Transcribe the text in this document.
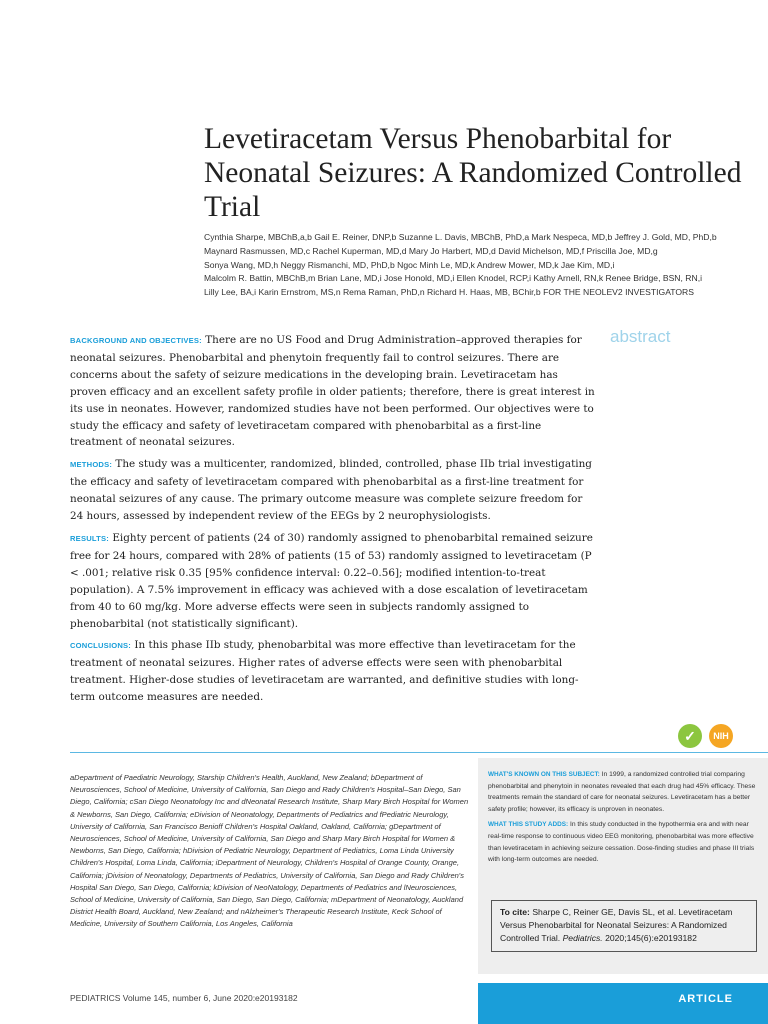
Levetiracetam Versus Phenobarbital for Neonatal Seizures: A Randomized Controlled Trial
Cynthia Sharpe, MBChB,a,b Gail E. Reiner, DNP,b Suzanne L. Davis, MBChB, PhD,a Mark Nespeca, MD,b Jeffrey J. Gold, MD, PhD,b
Maynard Rasmussen, MD,c Rachel Kuperman, MD,d Mary Jo Harbert, MD,d David Michelson, MD,f Priscilla Joe, MD,g
Sonya Wang, MD,h Neggy Rismanchi, MD, PhD,b Ngoc Minh Le, MD,k Andrew Mower, MD,k Jae Kim, MD,i
Malcolm R. Battin, MBChB,m Brian Lane, MD,i Jose Honold, MD,i Ellen Knodel, RCP,i Kathy Arnell, RN,k Renee Bridge, BSN, RN,i
Lilly Lee, BA,i Karin Ernstrom, MS,n Rema Raman, PhD,n Richard H. Haas, MB, BChir,b FOR THE NEOLEV2 INVESTIGATORS
abstract

BACKGROUND AND OBJECTIVES: There are no US Food and Drug Administration–approved therapies for neonatal seizures. Phenobarbital and phenytoin frequently fail to control seizures. There are concerns about the safety of seizure medications in the developing brain. Levetiracetam has proven efficacy and an excellent safety profile in older patients; therefore, there is great interest in its use in neonates. However, randomized studies have not been performed. Our objectives were to study the efficacy and safety of levetiracetam compared with phenobarbital as a first-line treatment of neonatal seizures.

METHODS: The study was a multicenter, randomized, blinded, controlled, phase IIb trial investigating the efficacy and safety of levetiracetam compared with phenobarbital as a first-line treatment for neonatal seizures of any cause. The primary outcome measure was complete seizure freedom for 24 hours, assessed by independent review of the EEGs by 2 neurophysiologists.

RESULTS: Eighty percent of patients (24 of 30) randomly assigned to phenobarbital remained seizure free for 24 hours, compared with 28% of patients (15 of 53) randomly assigned to levetiracetam (P < .001; relative risk 0.35 [95% confidence interval: 0.22–0.56]; modified intention-to-treat population). A 7.5% improvement in efficacy was achieved with a dose escalation of levetiracetam from 40 to 60 mg/kg. More adverse effects were seen in subjects randomly assigned to phenobarbital (not statistically significant).

CONCLUSIONS: In this phase IIb study, phenobarbital was more effective than levetiracetam for the treatment of neonatal seizures. Higher rates of adverse effects were seen with phenobarbital treatment. Higher-dose studies of levetiracetam are warranted, and definitive studies with long-term outcome measures are needed.

✓	NIH
aDepartment of Paediatric Neurology, Starship Children's Health, Auckland, New Zealand; bDepartment of Neurosciences, School of Medicine, University of California, San Diego and Rady Children's Hospital–San Diego, San Diego, California; cSan Diego Neonatology Inc and dNeonatal Research Institute, Sharp Mary Birch Hospital for Women & Newborns, San Diego, California; eDivision of Neonatology, Departments of Pediatrics and fPediatric Neurology, University of California, San Francisco Benioff Children's Hospital Oakland, Oakland, California; gDepartment of Neurosciences, School of Medicine, University of California, San Diego and Sharp Mary Birch Hospital for Women & Newborns, San Diego, California; hDivision of Pediatric Neurology, Department of Pediatrics, Loma Linda University Children's Hospital, Loma Linda, California; iDepartment of Neurology, Children's Hospital of Orange County, Orange, California; jDivision of Neonatology, Departments of Pediatrics, University of California, San Diego and Rady Children's Hospital San Diego, San Diego, California; kDivision of NeoNatology, Departments of Pediatrics and lNeurosciences, School of Medicine, University of California, San Diego, San Diego, California; mDepartment of Neonatology, Auckland District Health Board, Auckland, New Zealand; and nAlzheimer's Therapeutic Research Institute, Keck School of Medicine, University of Southern California, Los Angeles, California

WHAT'S KNOWN ON THIS SUBJECT: In 1999, a randomized controlled trial comparing phenobarbital and phenytoin in neonates revealed that each drug had 45% efficacy. These treatments remain the standard of care for neonatal seizures. Levetiracetam has a better safety profile; however, its efficacy is unproven in neonates.

WHAT THIS STUDY ADDS: In this study conducted in the hypothermia era and with near real-time response to continuous video EEG monitoring, phenobarbital was more effective than levetiracetam in achieving seizure cessation. Dose-finding studies and phase III trials with long-term outcomes are needed.

To cite: Sharpe C, Reiner GE, Davis SL, et al. Levetiracetam Versus Phenobarbital for Neonatal Seizures: A Randomized Controlled Trial. Pediatrics. 2020;145(6):e20193182
PEDIATRICS Volume 145, number 6, June 2020:e20193182	ARTICLE
